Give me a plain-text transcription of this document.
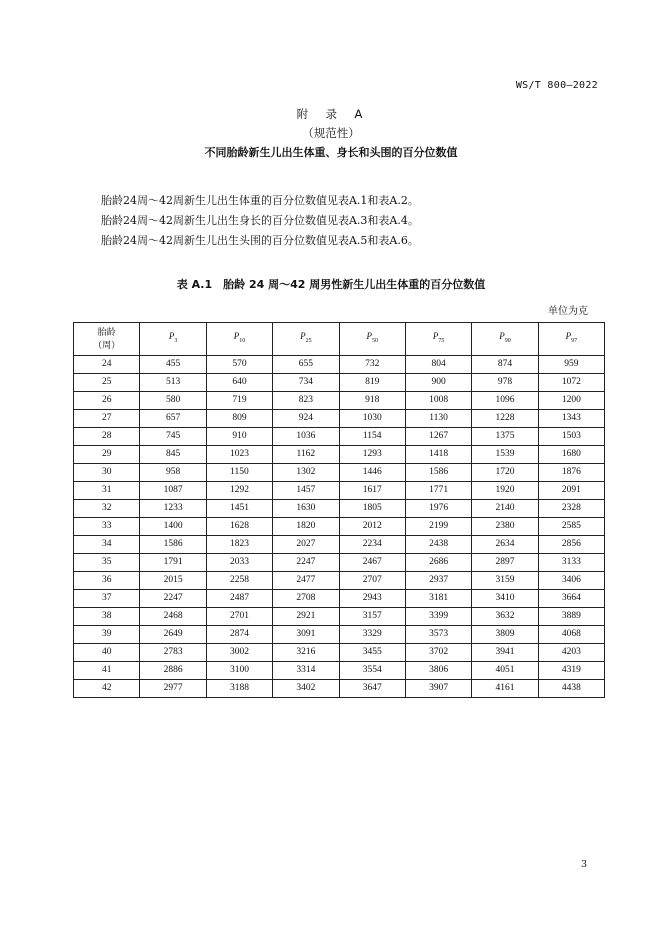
WS/T 800—2022
附　录　A
（规范性）
不同胎龄新生儿出生体重、身长和头围的百分位数值

胎龄24周～42周新生儿出生体重的百分位数值见表A.1和表A.2。

胎龄24周～42周新生儿出生身长的百分位数值见表A.3和表A.4。

胎龄24周～42周新生儿出生头围的百分位数值见表A.5和表A.6。

表 A.1　胎龄 24 周～42 周男性新生儿出生体重的百分位数值
单位为克
胎龄
（周）	$P_3$	$P_{10}$	$P_{25}$	$P_{50}$	$P_{75}$	$P_{90}$	$P_{97}$
24	455	570	655	732	804	874	959
25	513	640	734	819	900	978	1072
26	580	719	823	918	1008	1096	1200
27	657	809	924	1030	1130	1228	1343
28	745	910	1036	1154	1267	1375	1503
29	845	1023	1162	1293	1418	1539	1680
30	958	1150	1302	1446	1586	1720	1876
31	1087	1292	1457	1617	1771	1920	2091
32	1233	1451	1630	1805	1976	2140	2328
33	1400	1628	1820	2012	2199	2380	2585
34	1586	1823	2027	2234	2438	2634	2856
35	1791	2033	2247	2467	2686	2897	3133
36	2015	2258	2477	2707	2937	3159	3406
37	2247	2487	2708	2943	3181	3410	3664
38	2468	2701	2921	3157	3399	3632	3889
39	2649	2874	3091	3329	3573	3809	4068
40	2783	3002	3216	3455	3702	3941	4203
41	2886	3100	3314	3554	3806	4051	4319
42	2977	3188	3402	3647	3907	4161	4438
3
